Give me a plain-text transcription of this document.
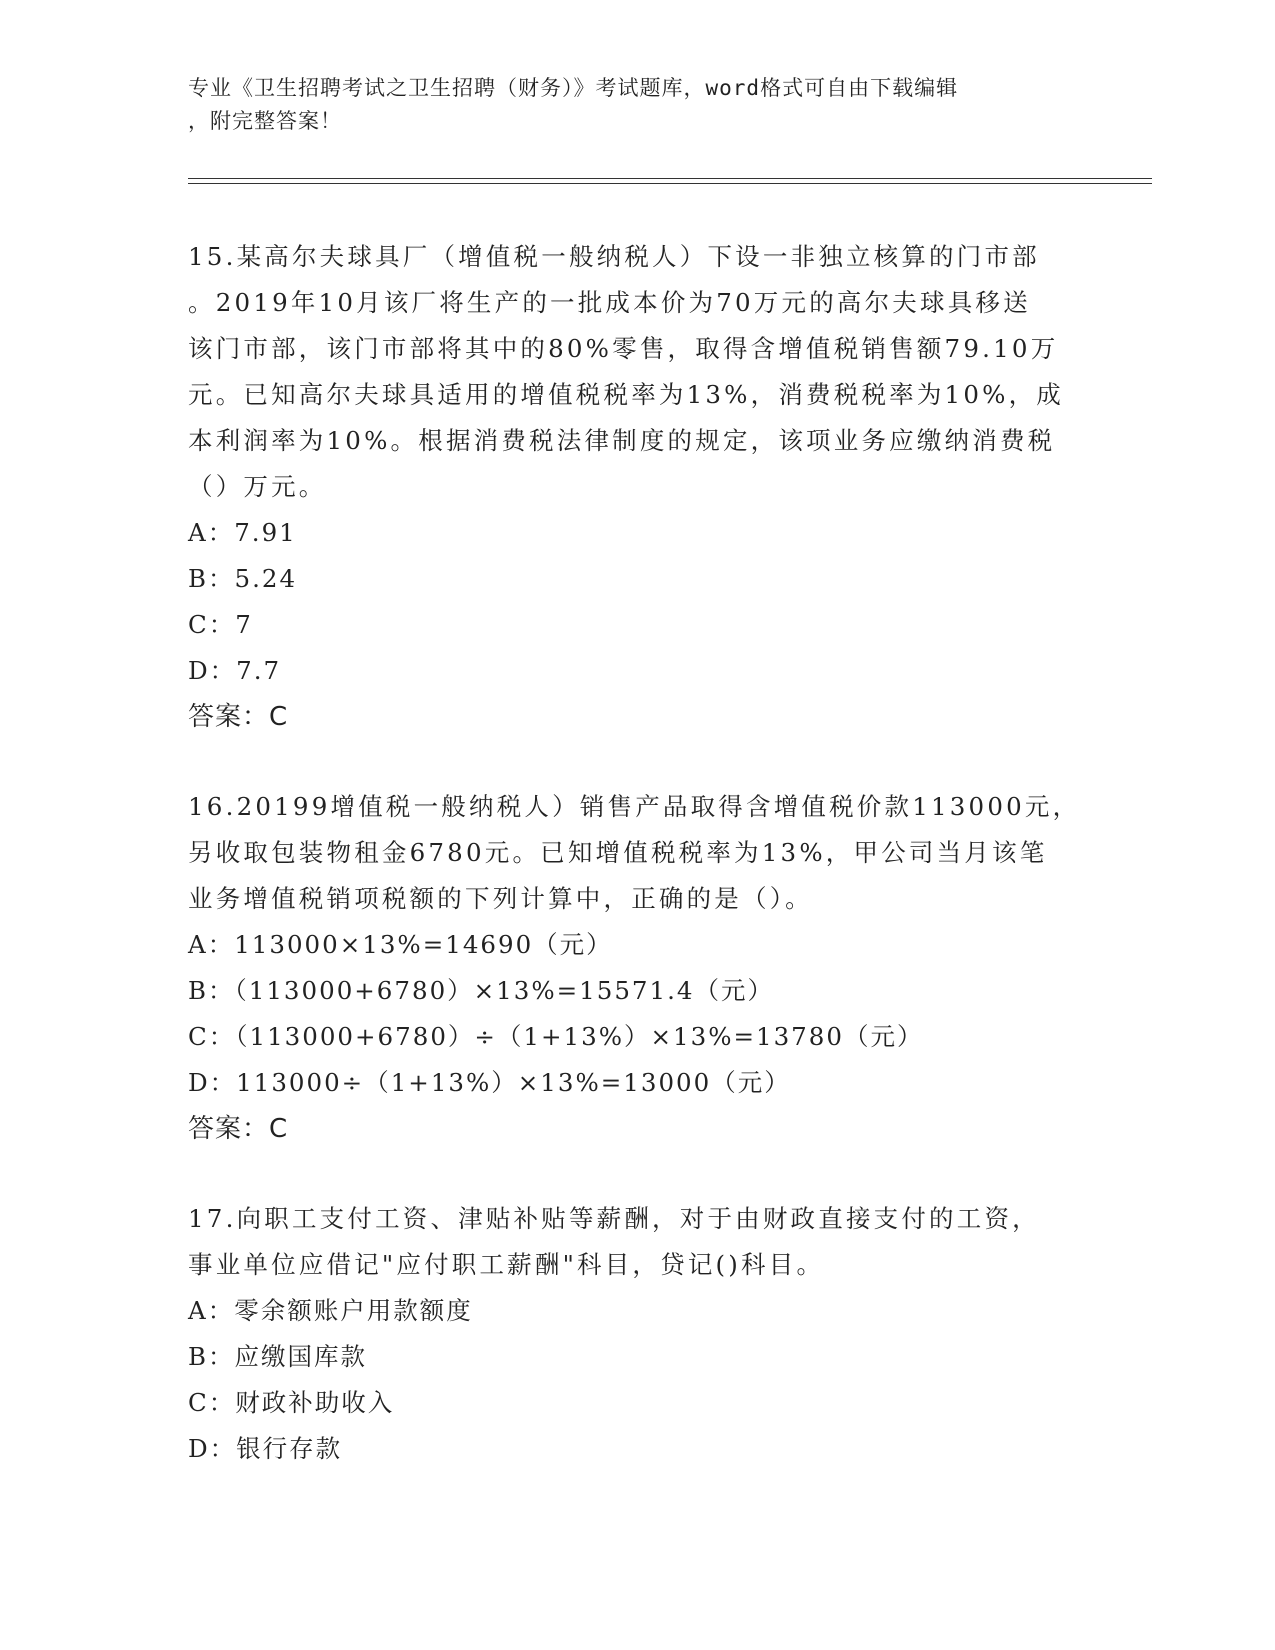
专业《卫生招聘考试之卫生招聘（财务）》考试题库，word格式可自由下载编辑
，附完整答案！

15.某高尔夫球具厂（增值税一般纳税人）下设一非独立核算的门市部

。2019年10月该厂将生产的一批成本价为70万元的高尔夫球具移送

该门市部，该门市部将其中的80%零售，取得含增值税销售额79.10万

元。已知高尔夫球具适用的增值税税率为13%，消费税税率为10%，成

本利润率为10%。根据消费税法律制度的规定，该项业务应缴纳消费税

（）万元。

A：7.91

B：5.24

C：7

D：7.7

答案：C

16.20199增值税一般纳税人）销售产品取得含增值税价款113000元，

另收取包装物租金6780元。已知增值税税率为13%，甲公司当月该笔

业务增值税销项税额的下列计算中，正确的是（）。

A：113000×13%=14690（元）

B：（113000+6780）×13%=15571.4（元）

C：（113000+6780）÷（1+13%）×13%=13780（元）

D：113000÷（1+13%）×13%=13000（元）

答案：C

17.向职工支付工资、津贴补贴等薪酬，对于由财政直接支付的工资，

事业单位应借记"应付职工薪酬"科目，贷记()科目。

A：零余额账户用款额度

B：应缴国库款

C：财政补助收入

D：银行存款
